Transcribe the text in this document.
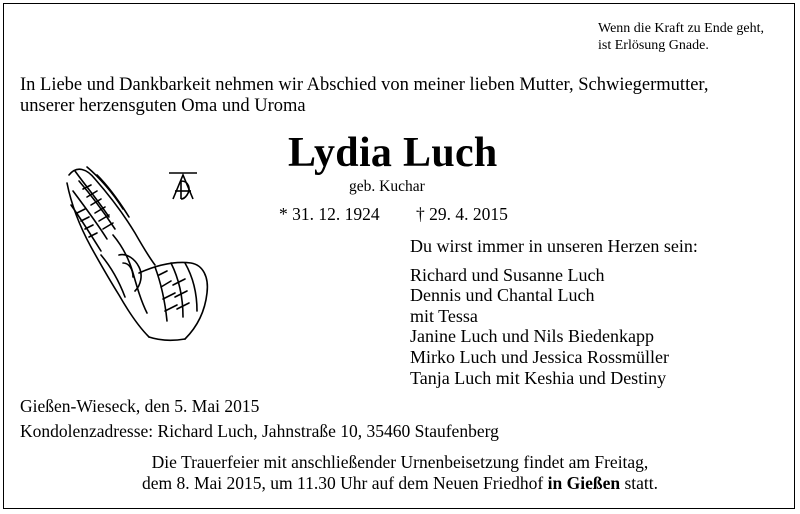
Wenn die Kraft zu Ende geht,
ist Erlösung Gnade.
In Liebe und Dankbarkeit nehmen wir Abschied von meiner lieben Mutter, Schwiegermutter,
unserer herzensguten Oma und Uroma
Lydia Luch
geb. Kuchar
* 31. 12. 1924 † 29. 4. 2015
Du wirst immer in unseren Herzen sein:
Richard und Susanne Luch
Dennis und Chantal Luch
mit Tessa
Janine Luch und Nils Biedenkapp
Mirko Luch und Jessica Rossmüller
Tanja Luch mit Keshia und Destiny
Gießen-Wieseck, den 5. Mai 2015
Kondolenzadresse: Richard Luch, Jahnstraße 10, 35460 Staufenberg
Die Trauerfeier mit anschließender Urnenbeisetzung findet am Freitag,
dem 8. Mai 2015, um 11.30 Uhr auf dem Neuen Friedhof in Gießen statt.
